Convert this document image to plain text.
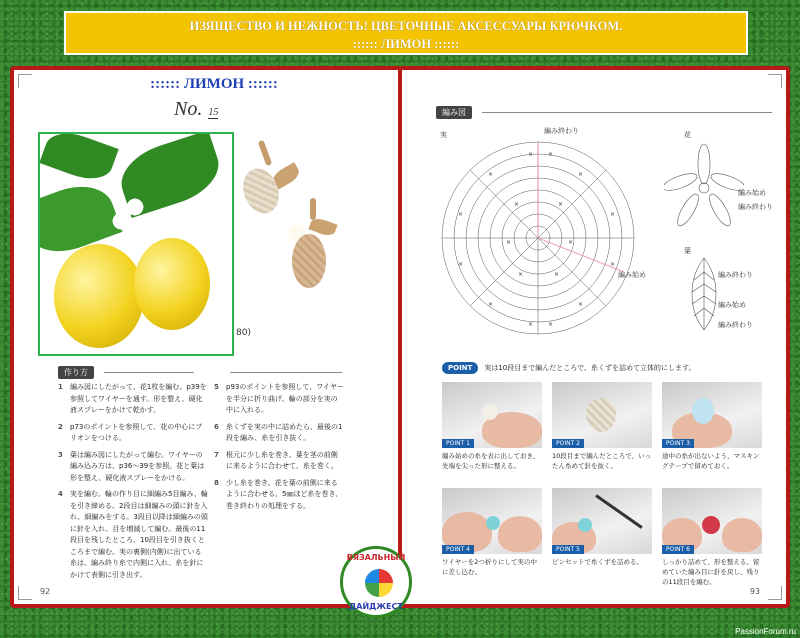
ИЗЯЩЕСТВО И НЕЖНОСТЬ! ЦВЕТОЧНЫЕ АКСЕССУАРЫ КРЮЧКОМ.
:::::: ЛИМОН ::::::
:::::: ЛИМОН ::::::
No. 15
80)
作り方
1	編み図にしたがって、花1枚を編む。p39を参照してワイヤーを通す。形を整え、硬化液スプレーをかけて乾かす。
2	p73のポイントを参照して、花の中心にブリオンをつける。
3	葉は編み図にしたがって編む。ワイヤーの編み込み方は、p36〜39を参照。花と葉は形を整え、硬化液スプレーをかける。
4	実を編む。輪の作り目に細編み5目編み、輪を引き締める。2段目は細編みの頭に針を入れ、細編みをする。3段目以降は細編みの頭に針を入れ、目を増減して編む。最後の11段目を残したところ、10段目を引き抜くところまで編む。実の裏側(内側)に出ている糸は、編み終り糸で内側に入れ、糸を針にかけて表側に引き出す。
5	p93のポイントを参照して、ワイヤーを半分に折り曲げ、輪の部分を実の中に入れる。
6	糸くずを実の中に詰めたら、最後の1段を編み、糸を引き抜く。
7	根元に少し糸を巻き、葉を茎の前側に来るように合わせて、糸を巻く。
8	少し糸を巻き、花を葉の前側に来るように合わせる。5㎜ほど糸を巻き、巻き終わりの処理をする。
92
編み図
実	花
葉
× ×
×	×
×	×
×	×
×	×
× ×
×	×
×	×
×	×
編み終わり
編み始め
編み始め
編み終わり
編み終わり
編み始め
編み終わり
POINT	実は10段目まで編んだところで、糸くずを詰めて立体的にします。
POINT 1
編み始めの糸を表に出しておき、先端を尖った形に整える。
POINT 2
10段目まで編んだところで、いったん糸めて針を抜く。
POINT 3
途中の糸が出ないよう、マスキングテープで留めておく。
POINT 4
ワイヤーを2つ折りにして実の中に差し込む。
POINT 5
ピンセットで糸くずを詰める。
POINT 6
しっかり詰めて、形を整える。留めていた編み目に針を戻し、残りの11段目を編む。
93
ВЯЗАЛЬНЫЙ
ДАЙДЖЕСТ
PassionForum.ru
